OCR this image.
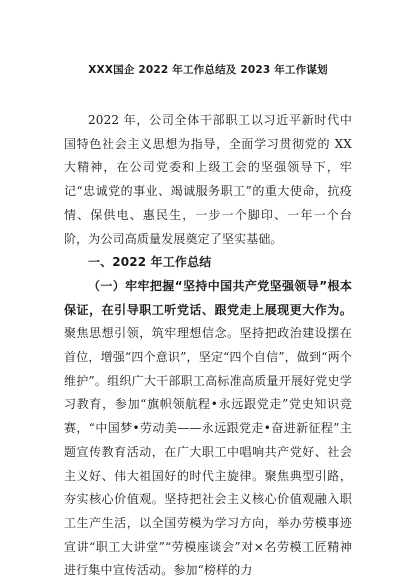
XXX国企 2022 年工作总结及 2023 年工作谋划

2022 年，公司全体干部职工以习近平新时代中国特色社会主义思想为指导，全面学习贯彻党的 XX 大精神，在公司党委和上级工会的坚强领导下，牢记“忠诚党的事业、竭诚服务职工”的重大使命，抗疫情、保供电、惠民生，一步一个脚印、一年一个台阶，为公司高质量发展奠定了坚实基础。

一、2022 年工作总结

（一）牢牢把握“坚持中国共产党坚强领导”根本保证，在引导职工听党话、跟党走上展现更大作为。聚焦思想引领，筑牢理想信念。坚持把政治建设摆在首位，增强“四个意识”，坚定“四个自信”，做到“两个维护”。组织广大干部职工高标准高质量开展好党史学习教育，参加“旗帜领航程•永远跟党走”党史知识竞赛，“中国梦•劳动美——永远跟党走•奋进新征程”主题宣传教育活动，在广大职工中唱响共产党好、社会主义好、伟大祖国好的时代主旋律。聚焦典型引路，夯实核心价值观。坚持把社会主义核心价值观融入职工生产生活，以全国劳模为学习方向，举办劳模事迹宣讲“职工大讲堂”“劳模座谈会”对×名劳模工匠精神进行集中宣传活动。参加“榜样的力
